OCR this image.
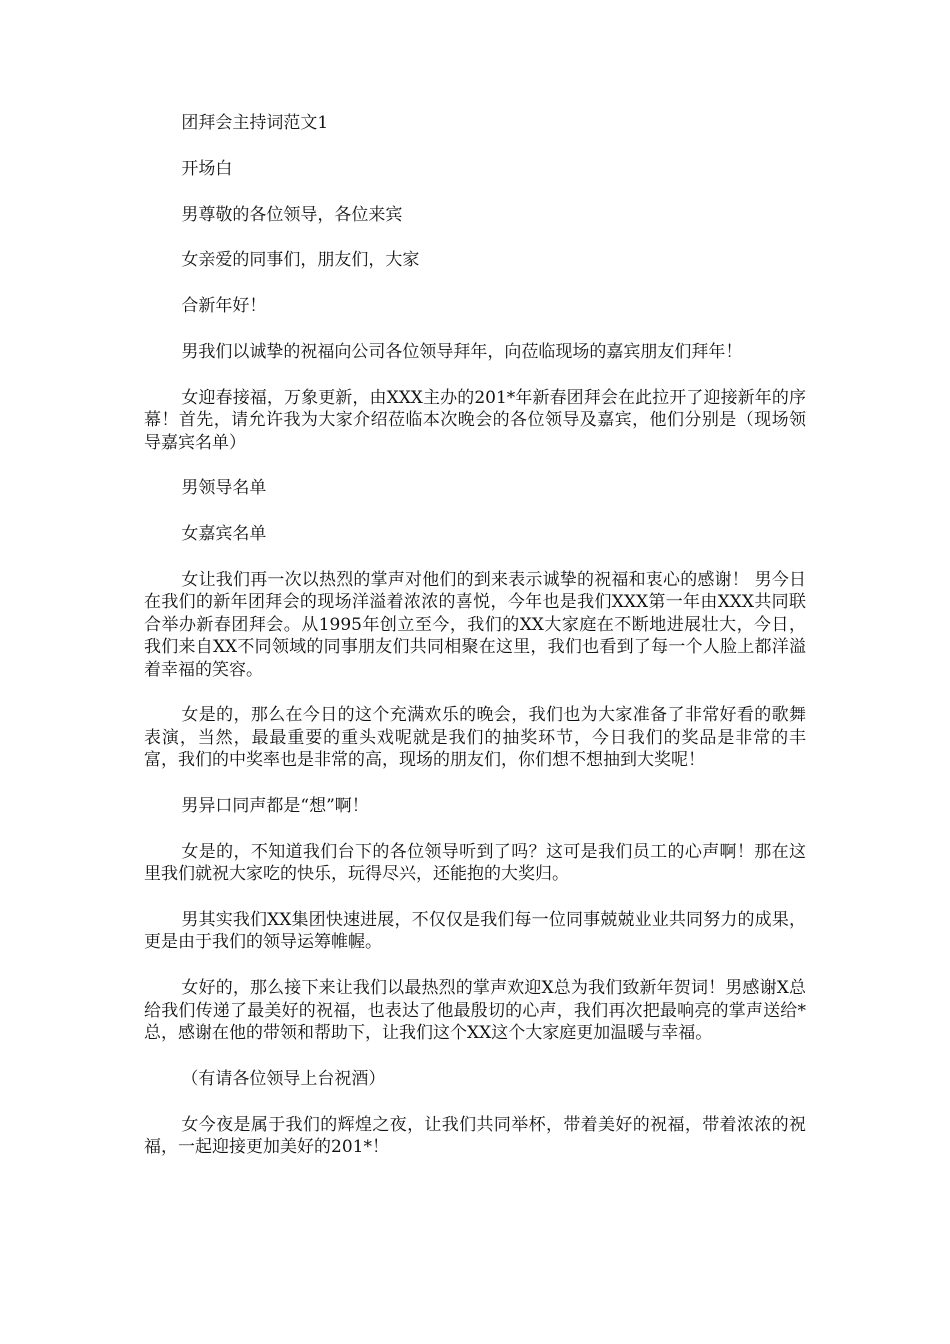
团拜会主持词范文1

开场白

男尊敬的各位领导，各位来宾

女亲爱的同事们，朋友们，大家

合新年好！

男我们以诚挚的祝福向公司各位领导拜年，向莅临现场的嘉宾朋友们拜年！

女迎春接福，万象更新，由XXX主办的201*年新春团拜会在此拉开了迎接新年的序幕！首先，请允许我为大家介绍莅临本次晚会的各位领导及嘉宾，他们分别是（现场领导嘉宾名单）

男领导名单

女嘉宾名单

女让我们再一次以热烈的掌声对他们的到来表示诚挚的祝福和衷心的感谢！ 男今日在我们的新年团拜会的现场洋溢着浓浓的喜悦，今年也是我们XXX第一年由XXX共同联合举办新春团拜会。从1995年创立至今，我们的XX大家庭在不断地进展壮大，今日，我们来自XX不同领域的同事朋友们共同相聚在这里，我们也看到了每一个人脸上都洋溢着幸福的笑容。

女是的，那么在今日的这个充满欢乐的晚会，我们也为大家准备了非常好看的歌舞表演，当然，最最重要的重头戏呢就是我们的抽奖环节，今日我们的奖品是非常的丰富，我们的中奖率也是非常的高，现场的朋友们，你们想不想抽到大奖呢！

男异口同声都是“想”啊！

女是的，不知道我们台下的各位领导听到了吗？这可是我们员工的心声啊！那在这里我们就祝大家吃的快乐，玩得尽兴，还能抱的大奖归。

男其实我们XX集团快速进展，不仅仅是我们每一位同事兢兢业业共同努力的成果，更是由于我们的领导运筹帷幄。

女好的，那么接下来让我们以最热烈的掌声欢迎X总为我们致新年贺词！男感谢X总给我们传递了最美好的祝福，也表达了他最殷切的心声，我们再次把最响亮的掌声送给*总，感谢在他的带领和帮助下，让我们这个XX这个大家庭更加温暖与幸福。

（有请各位领导上台祝酒）

女今夜是属于我们的辉煌之夜，让我们共同举杯，带着美好的祝福，带着浓浓的祝福，一起迎接更加美好的201*！
